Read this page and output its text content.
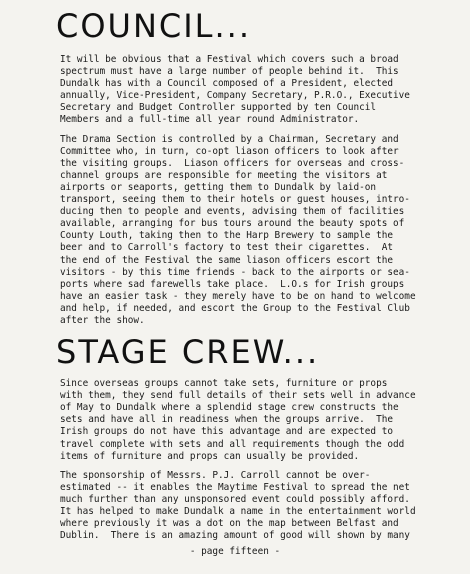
COUNCIL...

It will be obvious that a Festival which covers such a broad
spectrum must have a large number of people behind it.  This
Dundalk has with a Council composed of a President, elected
annually, Vice-President, Company Secretary, P.R.O., Executive
Secretary and Budget Controller supported by ten Council
Members and a full-time all year round Administrator.

The Drama Section is controlled by a Chairman, Secretary and
Committee who, in turn, co-opt liason officers to look after
the visiting groups.  Liason officers for overseas and cross-
channel groups are responsible for meeting the visitors at
airports or seaports, getting them to Dundalk by laid-on
transport, seeing them to their hotels or guest houses, intro-
ducing then to people and events, advising them of facilities
available, arranging for bus tours around the beauty spots of
County Louth, taking then to the Harp Brewery to sample the
beer and to Carroll's factory to test their cigarettes.  At
the end of the Festival the same liason officers escort the
visitors - by this time friends - back to the airports or sea-
ports where sad farewells take place.  L.O.s for Irish groups
have an easier task - they merely have to be on hand to welcome
and help, if needed, and escort the Group to the Festival Club
after the show.

STAGE CREW...

Since overseas groups cannot take sets, furniture or props
with them, they send full details of their sets well in advance
of May to Dundalk where a splendid stage crew constructs the
sets and have all in readiness when the groups arrive.  The
Irish groups do not have this advantage and are expected to
travel complete with sets and all requirements though the odd
items of furniture and props can usually be provided.

The sponsorship of Messrs. P.J. Carroll cannot be over-
estimated -- it enables the Maytime Festival to spread the net
much further than any unsponsored event could possibly afford.
It has helped to make Dundalk a name in the entertainment world
where previously it was a dot on the map between Belfast and
Dublin.  There is an amazing amount of good will shown by many

- page fifteen -
